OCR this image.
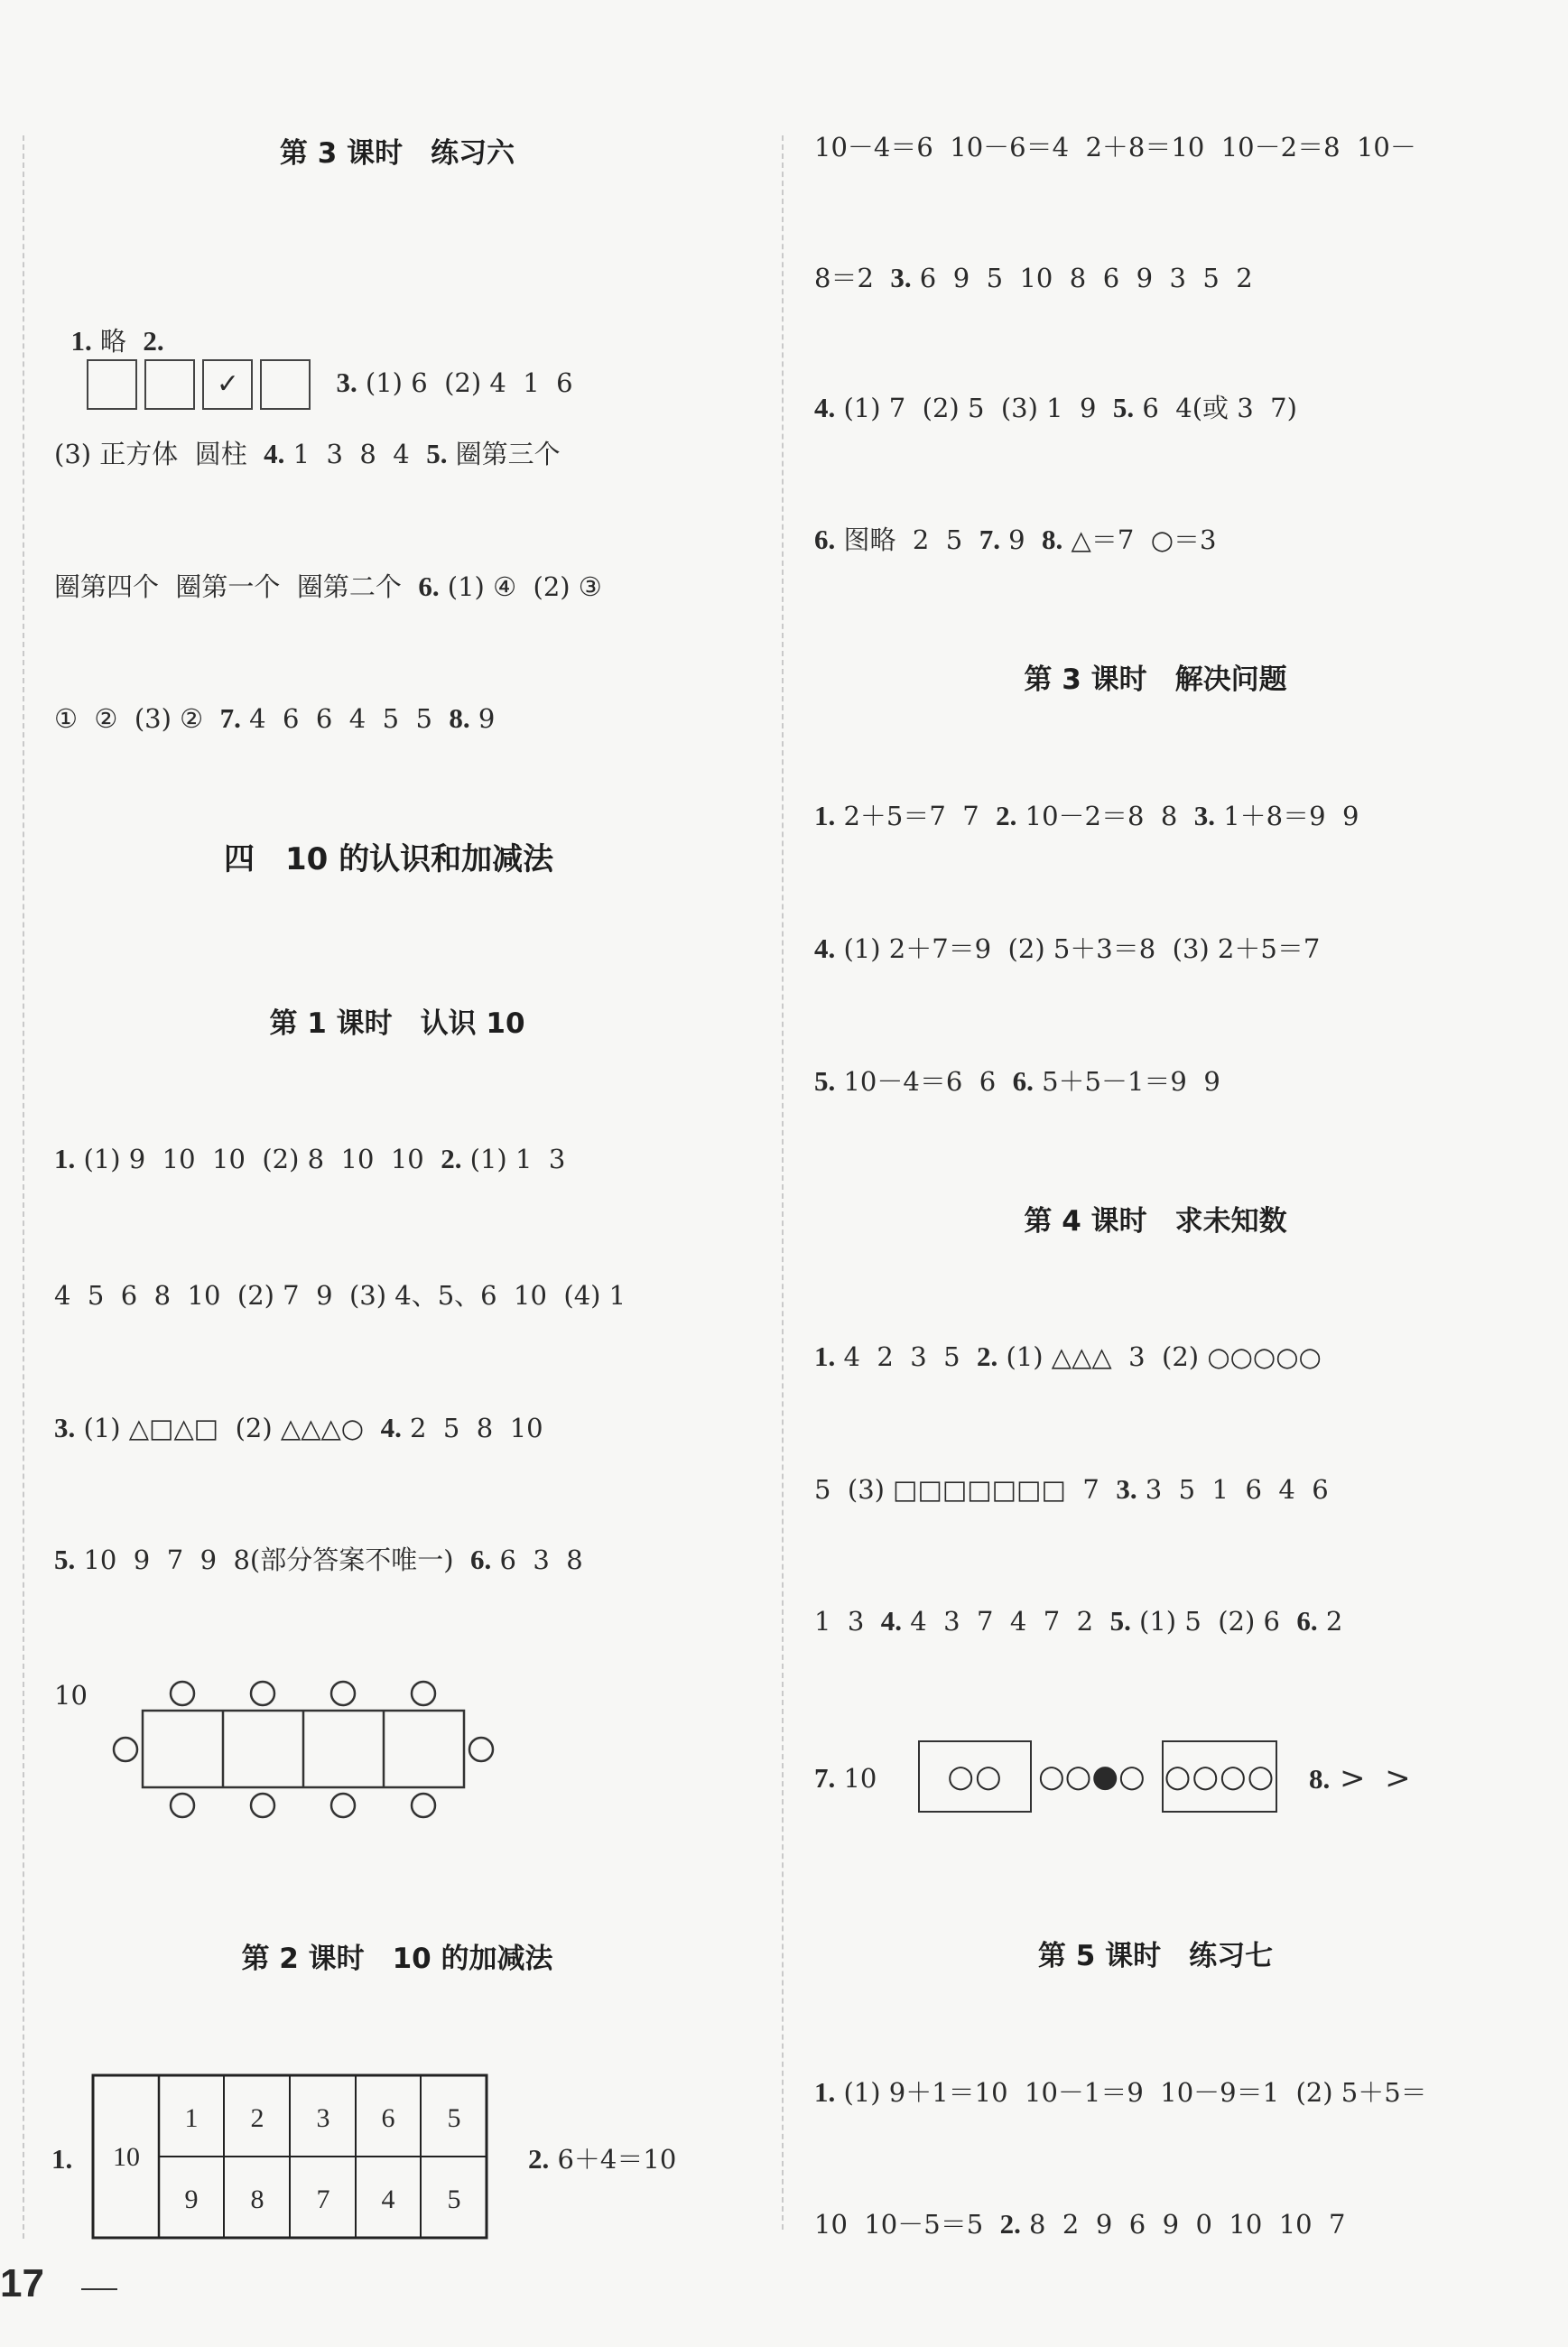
第 3 课时　练习六

1. 略  2.
✓	3. (1) 6  (2) 4  1  6

(3) 正方体  圆柱  4. 1  3  8  4  5. 圈第三个
圈第四个  圈第一个  圈第二个  6. (1) ④  (2) ③
①  ②  (3) ②  7. 4  6  6  4  5  5  8. 9
四　10 的认识和加减法
第 1 课时　认识 10
1. (1) 9  10  10  (2) 8  10  10  2. (1) 1  3
4  5  6  8  10  (2) 7  9  (3) 4、5、6  10  (4) 1
3. (1) △□△□  (2) △△△○  4. 2  5  8  10
5. 10  9  7  9  8(部分答案不唯一)  6. 6  3  8
10
第 2 课时　10 的加减法
1. 10
1 2 3 6 5
9 8 7 4 5
2. 6＋4＝10
10－4＝6  10－6＝4  2＋8＝10  10－2＝8  10－
8＝2  3. 6  9  5  10  8  6  9  3  5  2
4. (1) 7  (2) 5  (3) 1  9  5. 6  4(或 3  7)
6. 图略  2  5  7. 9  8. △＝7  ○＝3
第 3 课时　解决问题
1. 2＋5＝7  7  2. 10－2＝8  8  3. 1＋8＝9  9
4. (1) 2＋7＝9  (2) 5＋3＝8  (3) 2＋5＝7
5. 10－4＝6  6  6. 5＋5－1＝9  9
第 4 课时　求未知数
1. 4  2  3  5  2. (1) △△△  3  (2) ○○○○○
5  (3) □□□□□□□  7  3. 3  5  1  6  4  6
1  3  4. 4  3  7  4  7  2  5. (1) 5  (2) 6  6. 2
7. 10 ○○ ○○●○ ○○○○ 8. >  >
第 5 课时　练习七
1. (1) 9＋1＝10  10－1＝9  10－9＝1  (2) 5＋5＝
10  10－5＝5  2. 8  2  9  6  9  0  10  10  7
17
